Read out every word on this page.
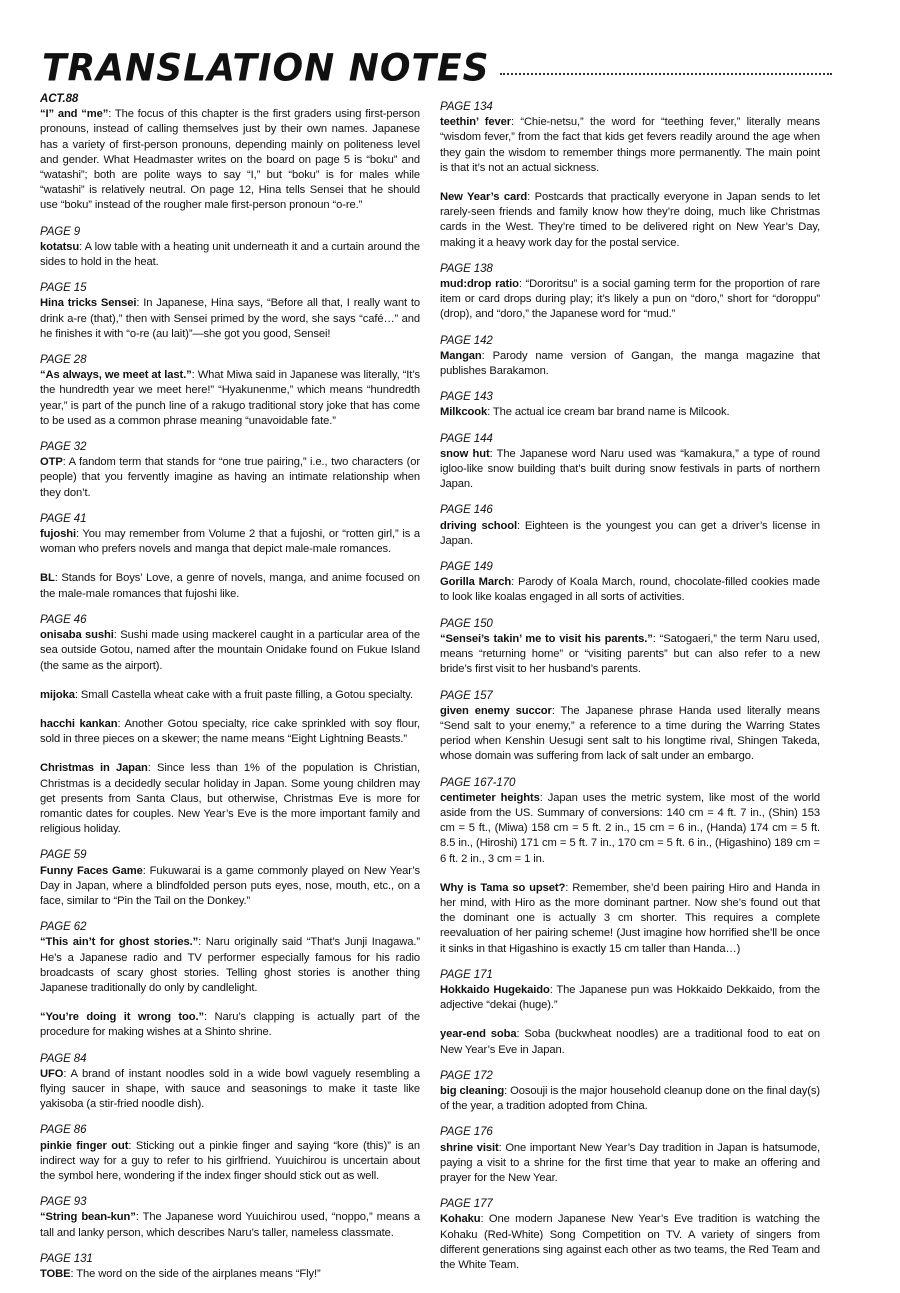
TRANSLATION NOTES

ACT.88

“I” and “me”: The focus of this chapter is the first graders using first-person pronouns, instead of calling themselves just by their own names. Japanese has a variety of first-person pronouns, depending mainly on politeness level and gender. What Headmaster writes on the board on page 5 is “boku” and “watashi”; both are polite ways to say “I,” but “boku” is for males while “watashi” is relatively neutral. On page 12, Hina tells Sensei that he should use “boku” instead of the rougher male first-person pronoun “o-re.”

PAGE 9

kotatsu: A low table with a heating unit underneath it and a curtain around the sides to hold in the heat.

PAGE 15

Hina tricks Sensei: In Japanese, Hina says, “Before all that, I really want to drink a-re (that),” then with Sensei primed by the word, she says “café…” and he finishes it with “o-re (au lait)”—she got you good, Sensei!

PAGE 28

“As always, we meet at last.”: What Miwa said in Japanese was literally, “It’s the hundredth year we meet here!” “Hyakunenme,” which means “hundredth year,” is part of the punch line of a rakugo traditional story joke that has come to be used as a common phrase meaning “unavoidable fate.”

PAGE 32

OTP: A fandom term that stands for “one true pairing,” i.e., two characters (or people) that you fervently imagine as having an intimate relationship when they don’t.

PAGE 41

fujoshi: You may remember from Volume 2 that a fujoshi, or “rotten girl,” is a woman who prefers novels and manga that depict male-male romances.

BL: Stands for Boys’ Love, a genre of novels, manga, and anime focused on the male-male romances that fujoshi like.

PAGE 46

onisaba sushi: Sushi made using mackerel caught in a particular area of the sea outside Gotou, named after the mountain Onidake found on Fukue Island (the same as the airport).

mijoka: Small Castella wheat cake with a fruit paste filling, a Gotou specialty.

hacchi kankan: Another Gotou specialty, rice cake sprinkled with soy flour, sold in three pieces on a skewer; the name means “Eight Lightning Beasts.”

Christmas in Japan: Since less than 1% of the population is Christian, Christmas is a decidedly secular holiday in Japan. Some young children may get presents from Santa Claus, but otherwise, Christmas Eve is more for romantic dates for couples. New Year’s Eve is the more important family and religious holiday.

PAGE 59

Funny Faces Game: Fukuwarai is a game commonly played on New Year’s Day in Japan, where a blindfolded person puts eyes, nose, mouth, etc., on a face, similar to “Pin the Tail on the Donkey.”

PAGE 62

“This ain’t for ghost stories.”: Naru originally said “That’s Junji Inagawa.” He’s a Japanese radio and TV performer especially famous for his radio broadcasts of scary ghost stories. Telling ghost stories is another thing Japanese traditionally do only by candlelight.

“You’re doing it wrong too.”: Naru’s clapping is actually part of the procedure for making wishes at a Shinto shrine.

PAGE 84

UFO: A brand of instant noodles sold in a wide bowl vaguely resembling a flying saucer in shape, with sauce and seasonings to make it taste like yakisoba (a stir-fried noodle dish).

PAGE 86

pinkie finger out: Sticking out a pinkie finger and saying “kore (this)” is an indirect way for a guy to refer to his girlfriend. Yuuichirou is uncertain about the symbol here, wondering if the index finger should stick out as well.

PAGE 93

“String bean-kun”: The Japanese word Yuuichirou used, “noppo,” means a tall and lanky person, which describes Naru’s taller, nameless classmate.

PAGE 131

TOBE: The word on the side of the airplanes means “Fly!”

PAGE 134

teethin’ fever: “Chie-netsu,” the word for “teething fever,” literally means “wisdom fever,” from the fact that kids get fevers readily around the age when they gain the wisdom to remember things more permanently. The main point is that it’s not an actual sickness.

New Year’s card: Postcards that practically everyone in Japan sends to let rarely-seen friends and family know how they’re doing, much like Christmas cards in the West. They’re timed to be delivered right on New Year’s Day, making it a heavy work day for the postal service.

PAGE 138

mud:drop ratio: “Dororitsu” is a social gaming term for the proportion of rare item or card drops during play; it’s likely a pun on “doro,” short for “doroppu” (drop), and “doro,” the Japanese word for “mud.”

PAGE 142

Mangan: Parody name version of Gangan, the manga magazine that publishes Barakamon.

PAGE 143

Milkcook: The actual ice cream bar brand name is Milcook.

PAGE 144

snow hut: The Japanese word Naru used was “kamakura,” a type of round igloo-like snow building that’s built during snow festivals in parts of northern Japan.

PAGE 146

driving school: Eighteen is the youngest you can get a driver’s license in Japan.

PAGE 149

Gorilla March: Parody of Koala March, round, chocolate-filled cookies made to look like koalas engaged in all sorts of activities.

PAGE 150

“Sensei’s takin’ me to visit his parents.”: “Satogaeri,” the term Naru used, means “returning home” or “visiting parents” but can also refer to a new bride’s first visit to her husband’s parents.

PAGE 157

given enemy succor: The Japanese phrase Handa used literally means “Send salt to your enemy,” a reference to a time during the Warring States period when Kenshin Uesugi sent salt to his longtime rival, Shingen Takeda, whose domain was suffering from lack of salt under an embargo.

PAGE 167-170

centimeter heights: Japan uses the metric system, like most of the world aside from the US. Summary of conversions: 140 cm = 4 ft. 7 in., (Shin) 153 cm = 5 ft., (Miwa) 158 cm = 5 ft. 2 in., 15 cm = 6 in., (Handa) 174 cm = 5 ft. 8.5 in., (Hiroshi) 171 cm = 5 ft. 7 in., 170 cm = 5 ft. 6 in., (Higashino) 189 cm = 6 ft. 2 in., 3 cm = 1 in.

Why is Tama so upset?: Remember, she’d been pairing Hiro and Handa in her mind, with Hiro as the more dominant partner. Now she’s found out that the dominant one is actually 3 cm shorter. This requires a complete reevaluation of her pairing scheme! (Just imagine how horrified she’ll be once it sinks in that Higashino is exactly 15 cm taller than Handa…)

PAGE 171

Hokkaido Hugekaido: The Japanese pun was Hokkaido Dekkaido, from the adjective “dekai (huge).”

year-end soba: Soba (buckwheat noodles) are a traditional food to eat on New Year’s Eve in Japan.

PAGE 172

big cleaning: Oosouji is the major household cleanup done on the final day(s) of the year, a tradition adopted from China.

PAGE 176

shrine visit: One important New Year’s Day tradition in Japan is hatsumode, paying a visit to a shrine for the first time that year to make an offering and prayer for the New Year.

PAGE 177

Kohaku: One modern Japanese New Year’s Eve tradition is watching the Kohaku (Red-White) Song Competition on TV. A variety of singers from different generations sing against each other as two teams, the Red Team and the White Team.
